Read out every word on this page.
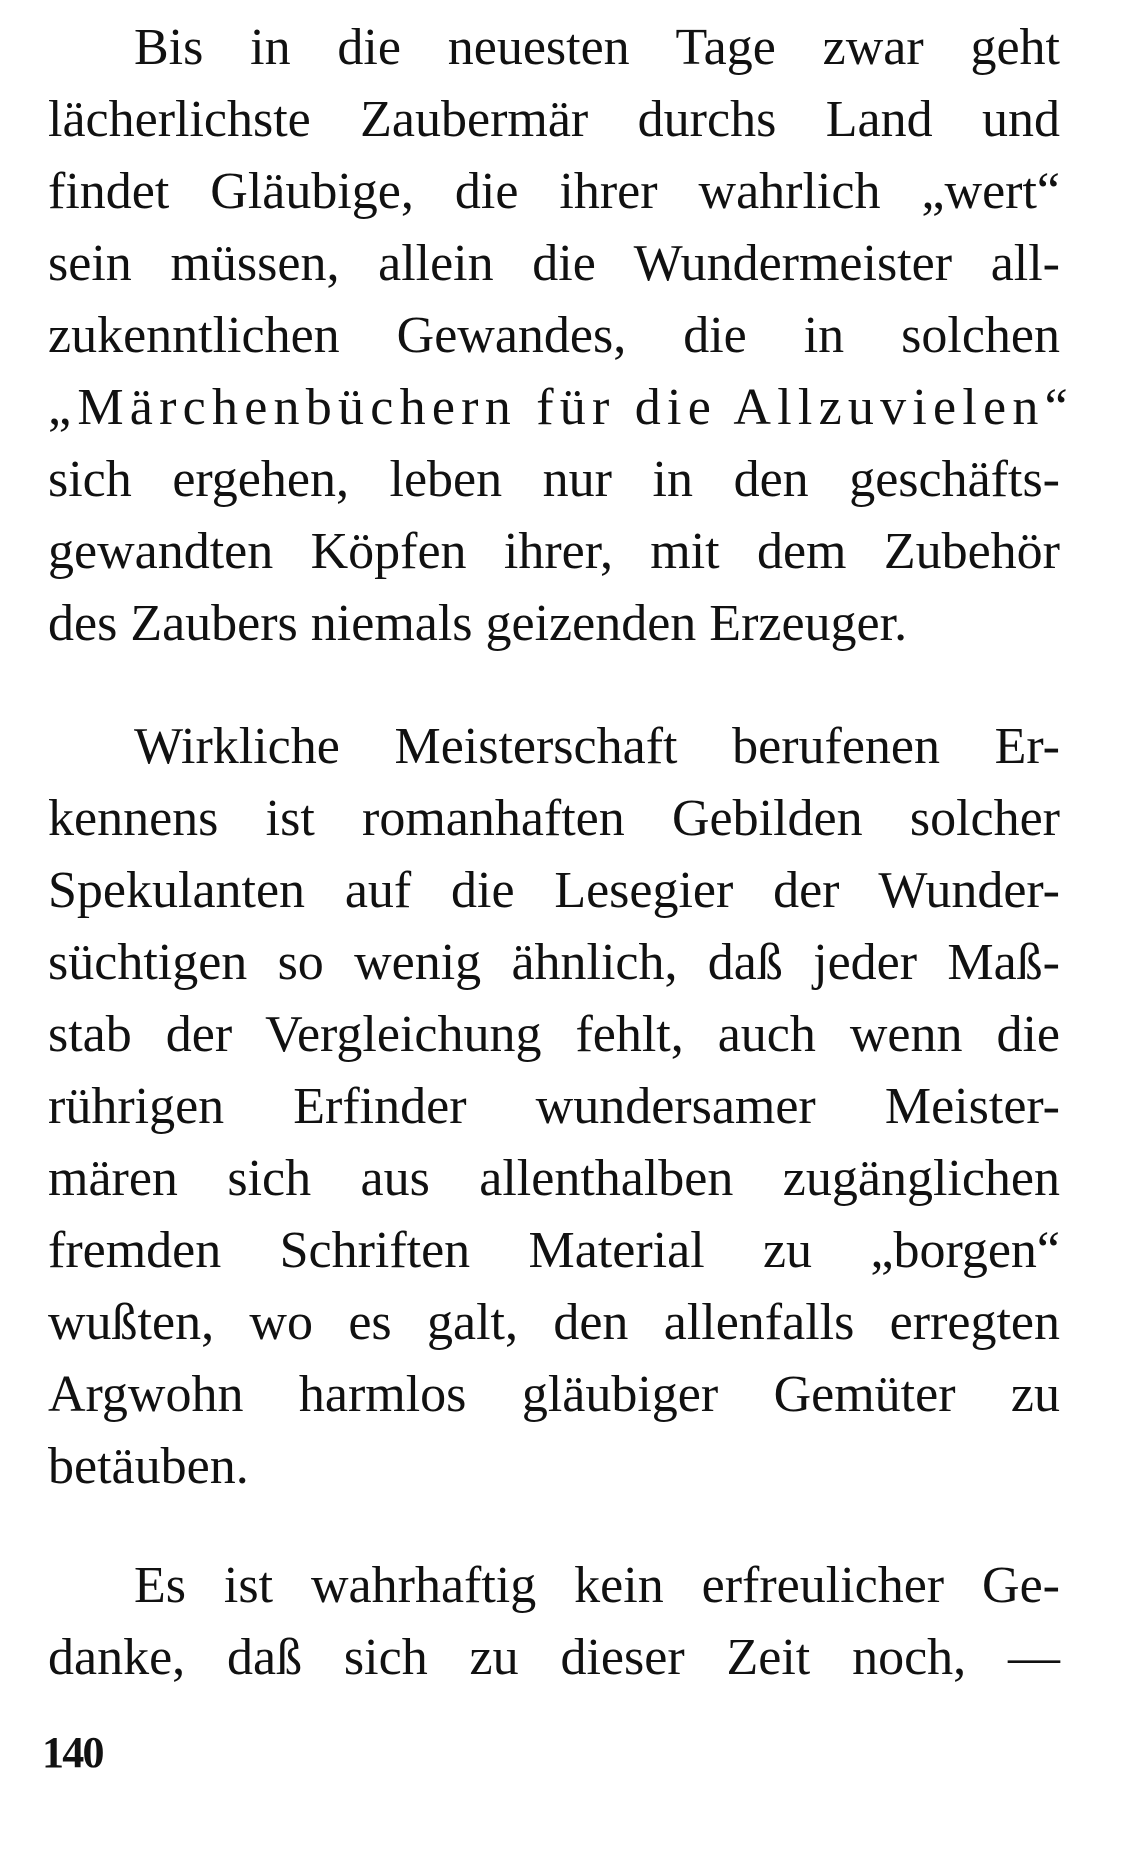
Bis in die neuesten Tage zwar geht
lächerlichste Zaubermär durchs Land und
findet Gläubige, die ihrer wahrlich „wert“
sein müssen, allein die Wundermeister all-
zukenntlichen Gewandes, die in solchen
„Märchenbüchern für die Allzuvielen“
sich ergehen, leben nur in den geschäfts-
gewandten Köpfen ihrer, mit dem Zubehör
des Zaubers niemals geizenden Erzeuger.
Wirkliche Meisterschaft berufenen Er-
kennens ist romanhaften Gebilden solcher
Spekulanten auf die Lesegier der Wunder-
süchtigen so wenig ähnlich, daß jeder Maß-
stab der Vergleichung fehlt, auch wenn die
rührigen Erfinder wundersamer Meister-
mären sich aus allenthalben zugänglichen
fremden Schriften Material zu „borgen“
wußten, wo es galt, den allenfalls erregten
Argwohn harmlos gläubiger Gemüter zu
betäuben.
Es ist wahrhaftig kein erfreulicher Ge-
danke, daß sich zu dieser Zeit noch, —
140
